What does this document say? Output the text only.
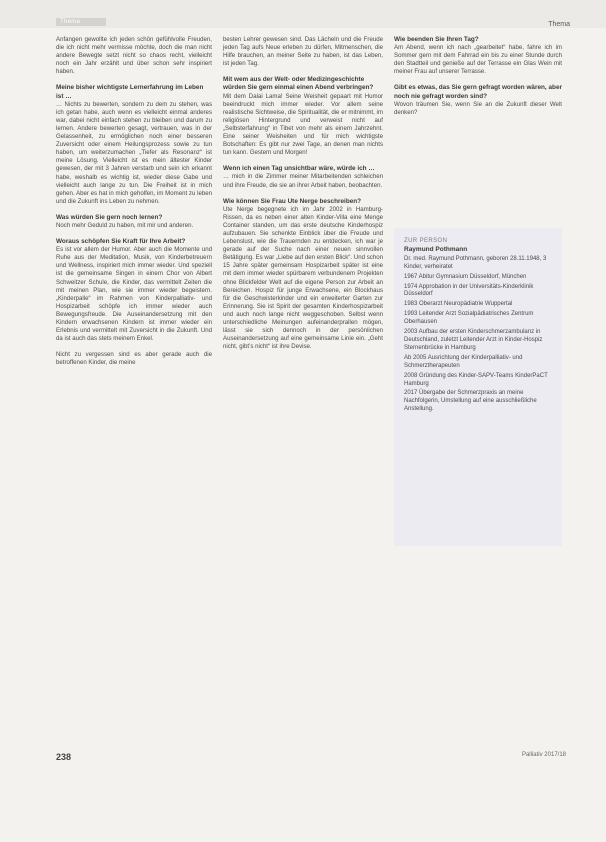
Thema	Thema

Anfangen gewollte ich jeden schön gefühlvolle Freuden, die ich nicht mehr vermisse möchte, doch die man nicht andere Bewegte setzt nicht so chaos recht, vielleicht noch ein Jahr erzählt und über schon sehr inspiriert haben.

Meine bisher wichtigste Lernerfahrung im Leben ist …

… Nichts zu bewerten, sondern zu dem zu stehen, was ich getan habe, auch wenn es vielleicht einmal anderes war, dabei nicht einfach stehen zu bleiben und darum zu lernen. Andere bewerten gesagt, vertrauen, was in der Gelassenheit, zu ermöglichen noch einer besseren Zuversicht oder einem Heilungsprozess sowie zu tun haben, um weiterzumachen „Tiefer als Resonanz“ ist meine Lösung. Vielleicht ist es mein ältester Kinder gewesen, der mit 3 Jahren verstarb und sein ich erkannt habe, weshalb es wichtig ist, wieder diese Gabe und vielleicht auch lange zu tun. Die Freiheit ist in mich gehen. Aber es hat in mich geholfen, im Moment zu leben und die Zukunft ins Leben zu nehmen.

Was würden Sie gern noch lernen?

Noch mehr Geduld zu haben, mit mir und anderen.

Woraus schöpfen Sie Kraft für Ihre Arbeit?

Es ist vor allem der Humor. Aber auch die Momente und Ruhe aus der Meditation, Musik, von Kinderbetreuern und Wellness, inspiriert mich immer wieder. Und speziell ist die gemeinsame Singen in einem Chor von Albert Schweitzer Schule, die Kinder, das vermittelt Zeiten die mit meinen Plan, wie sie immer wieder begeistern. „Kinderpalle“ im Rahmen von Kinderpalliativ- und Hospizarbeit schöpfe ich immer wieder auch Bewegungsfreude. Die Auseinandersetzung mit den Kindern erwachsenen Kindern ist immer wieder ein Erlebnis und vermittelt mit Zuversicht in die Zukunft. Und da ist auch das stets meinem Enkel.

Nicht zu vergessen sind es aber gerade auch die betroffenen Kinder, die meine

besten Lehrer gewesen sind. Das Lächeln und die Freude jeden Tag aufs Neue erleben zu dürfen, Mitmenschen, die Hilfe brauchen, an meiner Seite zu haben, ist das Leben, ist jeden Tag.

Mit wem aus der Welt- oder Medizingeschichte würden Sie gern einmal einen Abend verbringen?

Mit dem Dalai Lama! Seine Weisheit gepaart mit Humor beeindruckt mich immer wieder. Vor allem seine realistische Sichtweise, die Spiritualität, die er mitnimmt, im religiösen Hintergrund und verweist nicht auf „Selbsterfahrung“ in Tibet von mehr als einem Jahrzehnt. Eine seiner Weisheiten und für mich wichtigste Botschaften: Es gibt nur zwei Tage, an denen man nichts tun kann. Gestern und Morgen!

Wenn ich einen Tag unsichtbar wäre, würde ich …

… mich in die Zimmer meiner Mitarbeitenden schleichen und ihre Freude, die sie an ihrer Arbeit haben, beobachten.

Wie können Sie Frau Ute Nerge beschreiben?

Ute Nerge begegnete ich im Jahr 2002 in Hamburg-Rissen, da es neben einer alten Kinder-Villa eine Menge Container standen, um das erste deutsche Kinderhospiz aufzubauen. Sie schenkte Einblick über die Freude und Lebenslust, wie die Trauernden zu entdecken, ich war je gerade auf der Suche nach einer neuen sinnvollen Betätigung. Es war „Liebe auf den ersten Blick“. Und schon 15 Jahre später gemeinsam Hospizarbeit später ist eine mit dem immer wieder spürbarem verbundenem Projekten ohne Blickfelder Welt auf die eigene Person zur Arbeit an Bereichen. Hospiz für junge Erwachsene, ein Blockhaus für die Geschwisterkinder und ein erweiterter Garten zur Erinnerung. Sie ist Spirit der gesamten Kinderhospizarbeit und auch noch lange nicht weggeschoben. Selbst wenn unterschiedliche Meinungen aufeinanderprallen mögen, lässt sie sich dennoch in der persönlichen Auseinandersetzung auf eine gemeinsame Linie ein. „Geht nicht, gibt’s nicht“ ist ihre Devise.

Wie beenden Sie Ihren Tag?

Am Abend, wenn ich nach „gearbeitet“ habe, fahre ich im Sommer gern mit dem Fahrrad ein bis zu einer Stunde durch den Stadtteil und genieße auf der Terrasse ein Glas Wein mit meiner Frau auf unserer Terrasse.

Gibt es etwas, das Sie gern gefragt worden wären, aber noch nie gefragt worden sind?

Wovon träumen Sie, wenn Sie an die Zukunft dieser Welt denken?

ZUR PERSON
Raymund Pothmann

Dr. med. Raymund Pothmann, geboren 28.11.1948, 3 Kinder, verheiratet

1967 Abitur Gymnasium Düsseldorf, München

1974 Approbation in der Universitäts-Kinderklinik Düsseldorf

1983 Oberarzt Neuropädiatrie Wuppertal

1993 Leitender Arzt Sozialpädiatrisches Zentrum Oberhausen

2003 Aufbau der ersten Kinderschmerzambulanz in Deutschland, zuletzt Leitender Arzt in Kinder-Hospiz Sternenbrücke in Hamburg

Ab 2005 Ausrichtung der Kinderpalliativ- und Schmerztherapeuten

2008 Gründung des Kinder-SAPV-Teams KinderPaCT Hamburg

2017 Übergabe der Schmerzpraxis an meine Nachfolgerin, Umstellung auf eine ausschließliche Anstellung.

238	Palliativ 2017/18
